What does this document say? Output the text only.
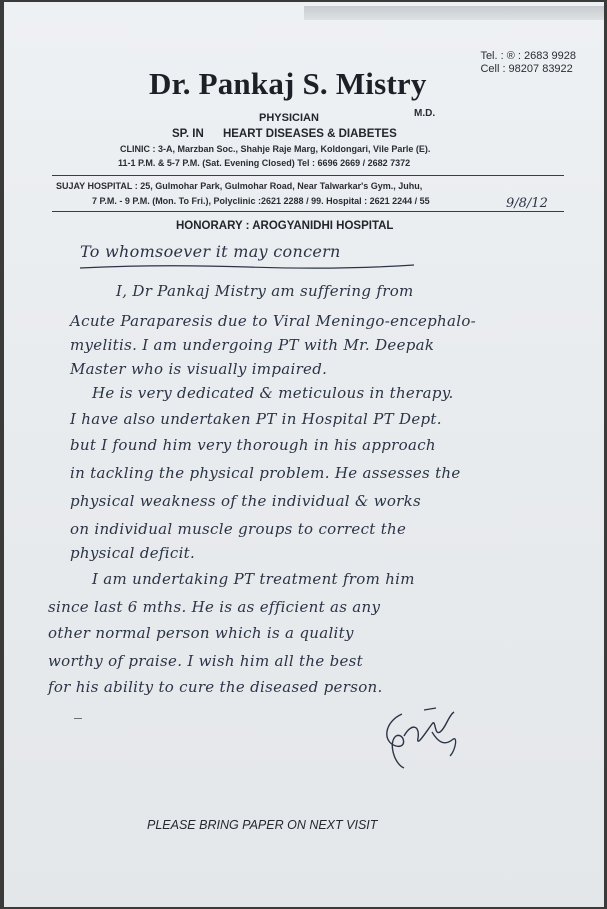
Tel. : ® : 2683 9928
Cell : 98207 83922
Dr. Pankaj S. Mistry
M.D.
PHYSICIAN
SP. IN HEART DISEASES & DIABETES
CLINIC : 3-A, Marzban Soc., Shahje Raje Marg, Koldongari, Vile Parle (E).
11-1 P.M. & 5-7 P.M. (Sat. Evening Closed) Tel : 6696 2669 / 2682 7372
SUJAY HOSPITAL : 25, Gulmohar Park, Gulmohar Road, Near Talwarkar's Gym., Juhu,
7 P.M. - 9 P.M. (Mon. To Fri.), Polyclinic :2621 2288 / 99. Hospital : 2621 2244 / 55	9/8/12
HONORARY : AROGYANIDHI HOSPITAL
To whomsoever it may concern
I, Dr Pankaj Mistry am suffering from
Acute Paraparesis due to Viral Meningo-encephalo-
myelitis. I am undergoing PT with Mr. Deepak
Master who is visually impaired.
He is very dedicated & meticulous in therapy.
I have also undertaken PT in Hospital PT Dept.
but I found him very thorough in his approach
in tackling the physical problem. He assesses the
physical weakness of the individual & works
on individual muscle groups to correct the
physical deficit.
I am undertaking PT treatment from him
since last 6 mths. He is as efficient as any
other normal person which is a quality
worthy of praise. I wish him all the best
for his ability to cure the diseased person.
PLEASE BRING PAPER ON NEXT VISIT
